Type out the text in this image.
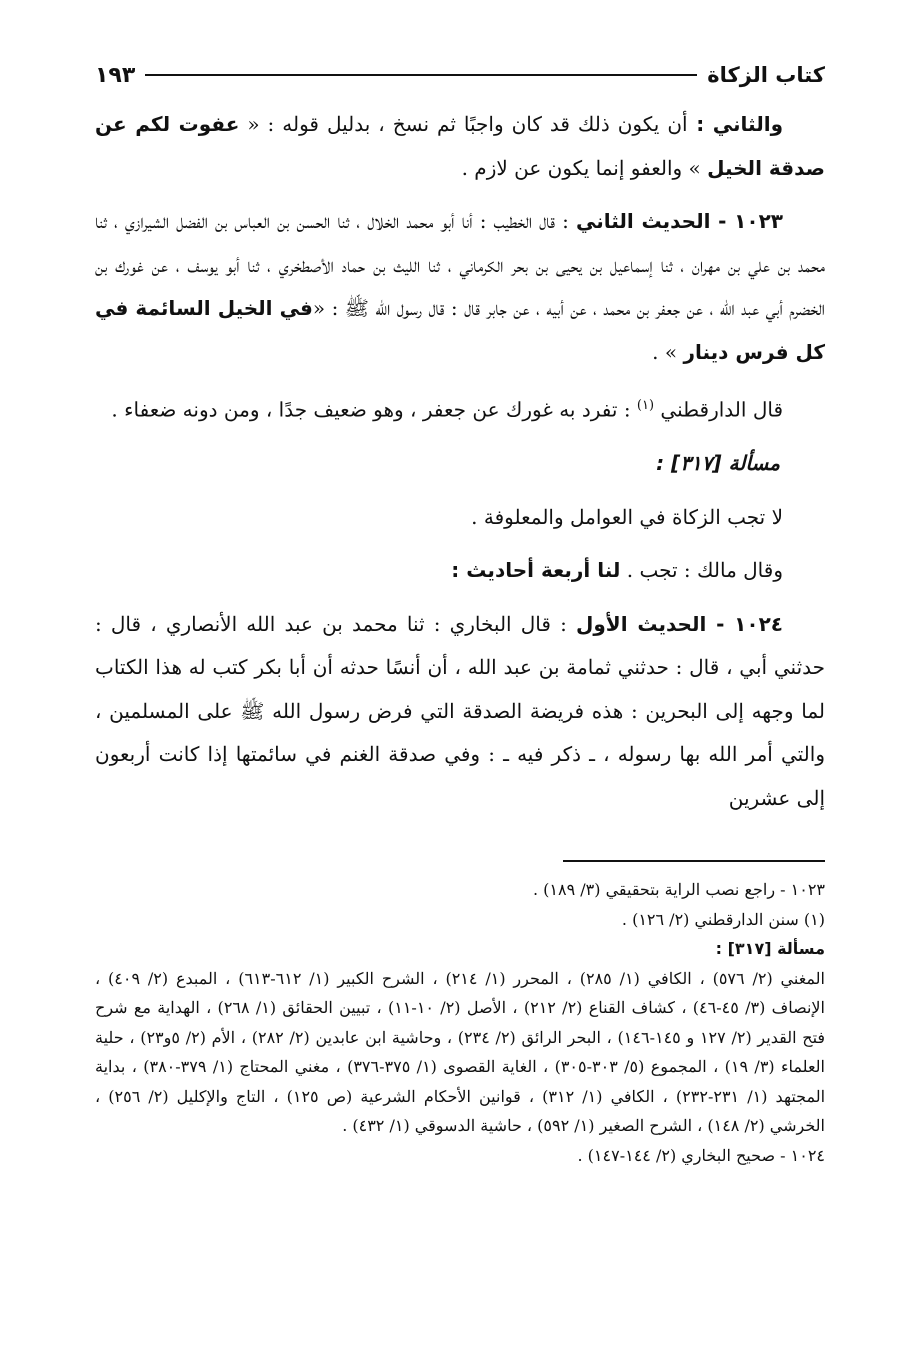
كتاب الزكاة
١٩٣

والثاني : أن يكون ذلك قد كان واجبًا ثم نسخ ، بدليل قوله : « عفوت لكم عن صدقة الخيل » والعفو إنما يكون عن لازم .

١٠٢٣ - الحديث الثاني : قال الخطيب : أنا أبو محمد الخلال ، ثنا الحسن بن العباس بن الفضل الشيرازي ، ثنا محمد بن علي بن مهران ، ثنا إسماعيل بن يحيى بن بحر الكرماني ، ثنا الليث بن حماد الأصطخري ، ثنا أبو يوسف ، عن غورك بن الخضرم أبي عبد الله ، عن جعفر بن محمد ، عن أبيه ، عن جابر قال : قال رسول الله ﷺ : «في الخيل السائمة في كل فرس دينار » .

قال الدارقطني $^{(١)}$ : تفرد به غورك عن جعفر ، وهو ضعيف جدًا ، ومن دونه ضعفاء .

مسألة [٣١٧] :

لا تجب الزكاة في العوامل والمعلوفة .

وقال مالك : تجب . لنا أربعة أحاديث :

١٠٢٤ - الحديث الأول : قال البخاري : ثنا محمد بن عبد الله الأنصاري ، قال : حدثني أبي ، قال : حدثني ثمامة بن عبد الله ، أن أنسًا حدثه أن أبا بكر كتب له هذا الكتاب لما وجهه إلى البحرين : هذه فريضة الصدقة التي فرض رسول الله ﷺ على المسلمين ، والتي أمر الله بها رسوله ، ـ ذكر فيه ـ : وفي صدقة الغنم في سائمتها إذا كانت أربعون إلى عشرين

١٠٢٣ - راجع نصب الراية بتحقيقي (٣/ ١٨٩) .

(١) سنن الدارقطني (٢/ ١٢٦) .

مسألة [٣١٧] :

المغني (٢/ ٥٧٦) ، الكافي (١/ ٢٨٥) ، المحرر (١/ ٢١٤) ، الشرح الكبير (١/ ٦١٢-٦١٣) ، المبدع (٢/ ٤٠٩) ، الإنصاف (٣/ ٤٥-٤٦) ، كشاف القناع (٢/ ٢١٢) ، الأصل (٢/ ١٠-١١) ، تبيين الحقائق (١/ ٢٦٨) ، الهداية مع شرح فتح القدير (٢/ ١٢٧ و ١٤٥-١٤٦) ، البحر الرائق (٢/ ٢٣٤) ، وحاشية ابن عابدين (٢/ ٢٨٢) ، الأم (٢/ ٥و٢٣) ، حلية العلماء (٣/ ١٩) ، المجموع (٥/ ٣٠٣-٣٠٥) ، الغاية القصوى (١/ ٣٧٥-٣٧٦) ، مغني المحتاج (١/ ٣٧٩-٣٨٠) ، بداية المجتهد (١/ ٢٣١-٢٣٢) ، الكافي (١/ ٣١٢) ، قوانين الأحكام الشرعية (ص ١٢٥) ، التاج والإكليل (٢/ ٢٥٦) ، الخرشي (٢/ ١٤٨) ، الشرح الصغير (١/ ٥٩٢) ، حاشية الدسوقي (١/ ٤٣٢) .

١٠٢٤ - صحيح البخاري (٢/ ١٤٤-١٤٧) .
